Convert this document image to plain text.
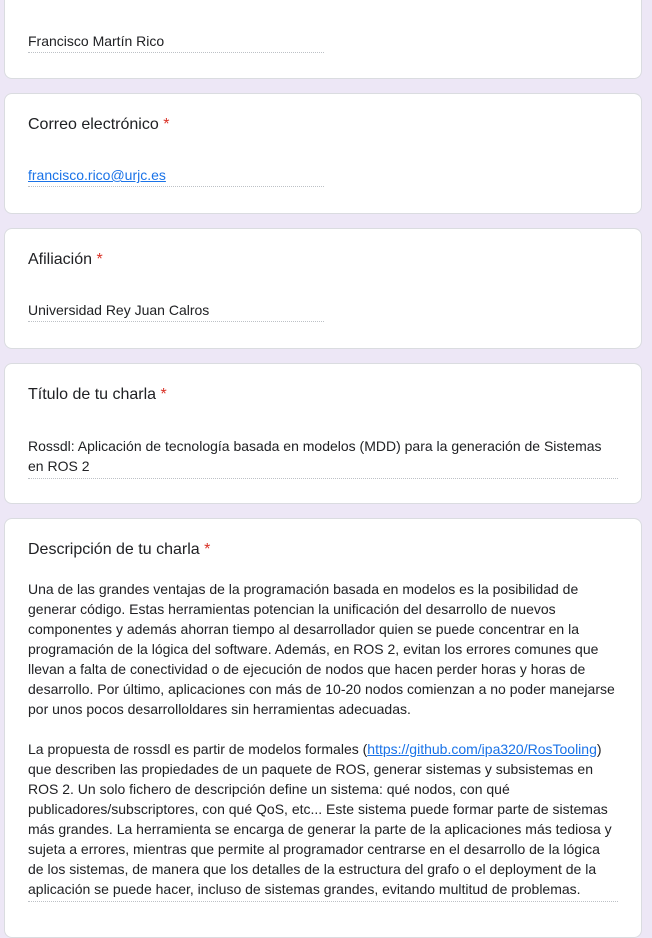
Francisco Martín Rico
Correo electrónico *
francisco.rico@urjc.es
Afiliación *
Universidad Rey Juan Calros
Título de tu charla *
Rossdl: Aplicación de tecnología basada en modelos (MDD) para la generación de Sistemas en ROS 2
Descripción de tu charla *

Una de las grandes ventajas de la programación basada en modelos es la posibilidad de generar código. Estas herramientas potencian la unificación del desarrollo de nuevos componentes y además ahorran tiempo al desarrollador quien se puede concentrar en la programación de la lógica del software. Además, en ROS 2, evitan los errores comunes que llevan a falta de conectividad o de ejecución de nodos que hacen perder horas y horas de desarrollo. Por último, aplicaciones con más de 10-20 nodos comienzan a no poder manejarse por unos pocos desarrolloldares sin herramientas adecuadas.

La propuesta de rossdl es partir de modelos formales (https://github.com/ipa320/RosTooling) que describen las propiedades de un paquete de ROS, generar sistemas y subsistemas en ROS 2. Un solo fichero de descripción define un sistema: qué nodos, con qué publicadores/subscriptores, con qué QoS, etc... Este sistema puede formar parte de sistemas más grandes. La herramienta se encarga de generar la parte de la aplicaciones más tediosa y sujeta a errores, mientras que permite al programador centrarse en el desarrollo de la lógica de los sistemas, de manera que los detalles de la estructura del grafo o el deployment de la aplicación se puede hacer, incluso de sistemas grandes, evitando multitud de problemas.
